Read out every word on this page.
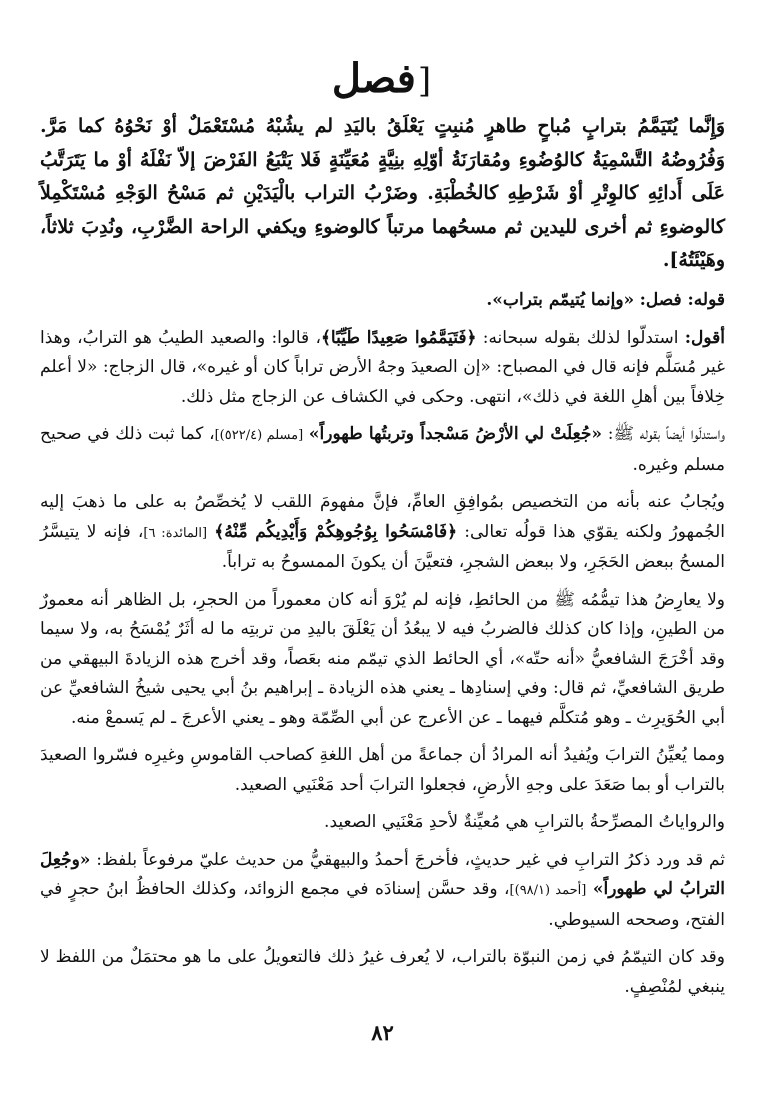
[فصل

وَإِنَّما يُتَيَمَّمُ بترابٍ مُباحٍ طاهرٍ مُنبِتٍ يَعْلَقُ باليَدِ لم يشُبْهُ مُسْتَعْمَلٌ أوْ نَحْوُهُ كما مَرَّ. وَفُرُوضُهُ التَّسْمِيَةُ كالوُضُوءِ ومُقارَنَةُ أوّلِهِ بنِيَّةٍ مُعَيِّنَةٍ فَلا يَتْبَعُ الفَرْضَ إلاّ نَفْلَهُ أوْ ما يَتَرَتَّبُ عَلَى أَدائِهِ كالوِتْرِ أوْ شَرْطِهِ كالخُطْبَةِ. وضَرْبُ التراب بالْيَدَيْنِ ثم مَسْحُ الوَجْهِ مُسْتَكْمِلاً كالوضوءِ ثم أخرى لليدين ثم مسحُهما مرتباً كالوضوءِ ويكفي الراحة الضَّرْبِ، ونُدِبَ ثلاثاً، وهَيْئَتُهُ].

قوله: فصل: «وإنما يُتيمّم بتراب».

أقول: استدلّوا لذلك بقوله سبحانه: ﴿فَتَيَمَّمُوا صَعِيدًا طَيِّبًا﴾، قالوا: والصعيد الطيبُ هو الترابُ، وهذا غير مُسَلَّم فإنه قال في المصباح: «إن الصعيدَ وجهُ الأرض تراباً كان أو غيره»، قال الزجاج: «لا أعلم خِلافاً بين أهلِ اللغة في ذلك»، انتهى. وحكى في الكشاف عن الزجاج مثل ذلك.

واستدلّوا أيضاً بقوله ﷺ: «جُعِلَتْ لي الأرْضُ مَسْجداً وتربتُها طهوراً» [مسلم (٥٢٢/٤)]، كما ثبت ذلك في صحيح مسلم وغيره.

ويُجابُ عنه بأنه من التخصيص بمُوافِقِ العامِّ، فإنَّ مفهومَ اللقب لا يُخصِّصُ به على ما ذهبَ إليه الجُمهورُ ولكنه يقوّي هذا قولُه تعالى: ﴿فَامْسَحُوا بِوُجُوهِكُمْ وَأَيْدِيكُم مِّنْهُ﴾ [المائدة: ٦]، فإنه لا يتيسَّرُ المسحُ ببعض الحَجَرِ، ولا ببعض الشجرِ، فتعيَّنَ أن يكونَ الممسوحُ به تراباً.

ولا يعارِضُ هذا تيمُّمُه ﷺ من الحائطِ، فإنه لم يُرْوَ أنه كان معموراً من الحجرِ، بل الظاهر أنه معمورٌ من الطينِ، وإذا كان كذلك فالضربُ فيه لا يبعُدُ أن يَعْلَقَ باليدِ من تربتِه ما له أثَرٌ يُمْسَحُ به، ولا سيما وقد أخْرَجَ الشافعيُّ «أنه حتّه»، أي الحائط الذي تيمّم منه بعَصاً، وقد أخرج هذه الزيادةَ البيهقي من طريق الشافعيِّ، ثم قال: وفي إسنادِها ـ يعني هذه الزيادة ـ إبراهيم بنُ أبي يحيى شيخُ الشافعيِّ عن أبي الحُوَيرِث ـ وهو مُتكلَّم فيهما ـ عن الأعرج عن أبي الصِّمّة وهو ـ يعني الأعرجَ ـ لم يَسمعْ منه.

ومما يُعيِّنُ الترابَ ويُفيدُ أنه المرادُ أن جماعةً من أهل اللغةِ كصاحب القاموسِ وغيرِه فسّروا الصعيدَ بالتراب أو بما صَعَدَ على وجهِ الأرضِ، فجعلوا الترابَ أحد مَعْنَيي الصعيد.

والرواياتُ المصرِّحةُ بالترابِ هي مُعيِّنةٌ لأحدِ مَعْنَيي الصعيد.

ثم قد ورد ذكرُ الترابِ في غير حديثٍ، فأخرجَ أحمدُ والبيهقيُّ من حديث عليّ مرفوعاً بلفظ: «وجُعِلَ الترابُ لي طهوراً» [أحمد (٩٨/١)]، وقد حسَّن إسنادَه في مجمع الزوائد، وكذلك الحافظُ ابنُ حجرٍ في الفتح، وصححه السيوطي.

وقد كان التيمّمُ في زمن النبوّة بالتراب، لا يُعرف غيرُ ذلك فالتعويلُ على ما هو محتمَلٌ من اللفظ لا ينبغي لمُنْصِفٍ.

٨٢
